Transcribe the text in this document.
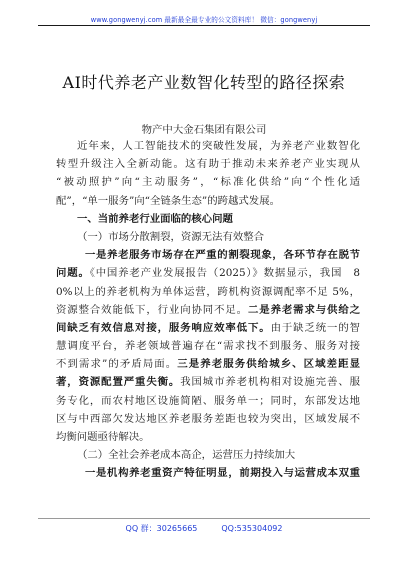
www.gongwenyj.com 最新最全最专业的公文资料库！ 微信：gongwenyj
AI时代养老产业数智化转型的路径探索
物产中大金石集团有限公司
近年来，人工智能技术的突破性发展，为养老产业数智化
转型升级注入全新动能。这有助于推动未来养老产业实现从
“被动照护”向“主动服务”，“标准化供给”向“个性化适
配”，“单一服务”向“全链条生态”的跨越式发展。
一、当前养老行业面临的核心问题
（一）市场分散割裂，资源无法有效整合
一是养老服务市场存在严重的割裂现象，各环节存在脱节
问题。《中国养老产业发展报告（2025）》数据显示，我国　8
0%以上的养老机构为单体运营，跨机构资源调配率不足 5%，
资源整合效能低下，行业向协同不足。二是养老需求与供给之
间缺乏有效信息对接，服务响应效率低下。由于缺乏统一的智
慧调度平台，养老领域普遍存在“需求找不到服务、服务对接
不到需求”的矛盾局面。三是养老服务供给城乡、区域差距显
著，资源配置严重失衡。我国城市养老机构相对设施完善、服
务专化，而农村地区设施简陋、服务单一；同时，东部发达地
区与中西部欠发达地区养老服务差距也较为突出，区域发展不
均衡问题亟待解决。
（二）全社会养老成本高企，运营压力持续加大
一是机构养老重资产特征明显，前期投入与运营成本双重
QQ 群：30265665	QQ:535304092
